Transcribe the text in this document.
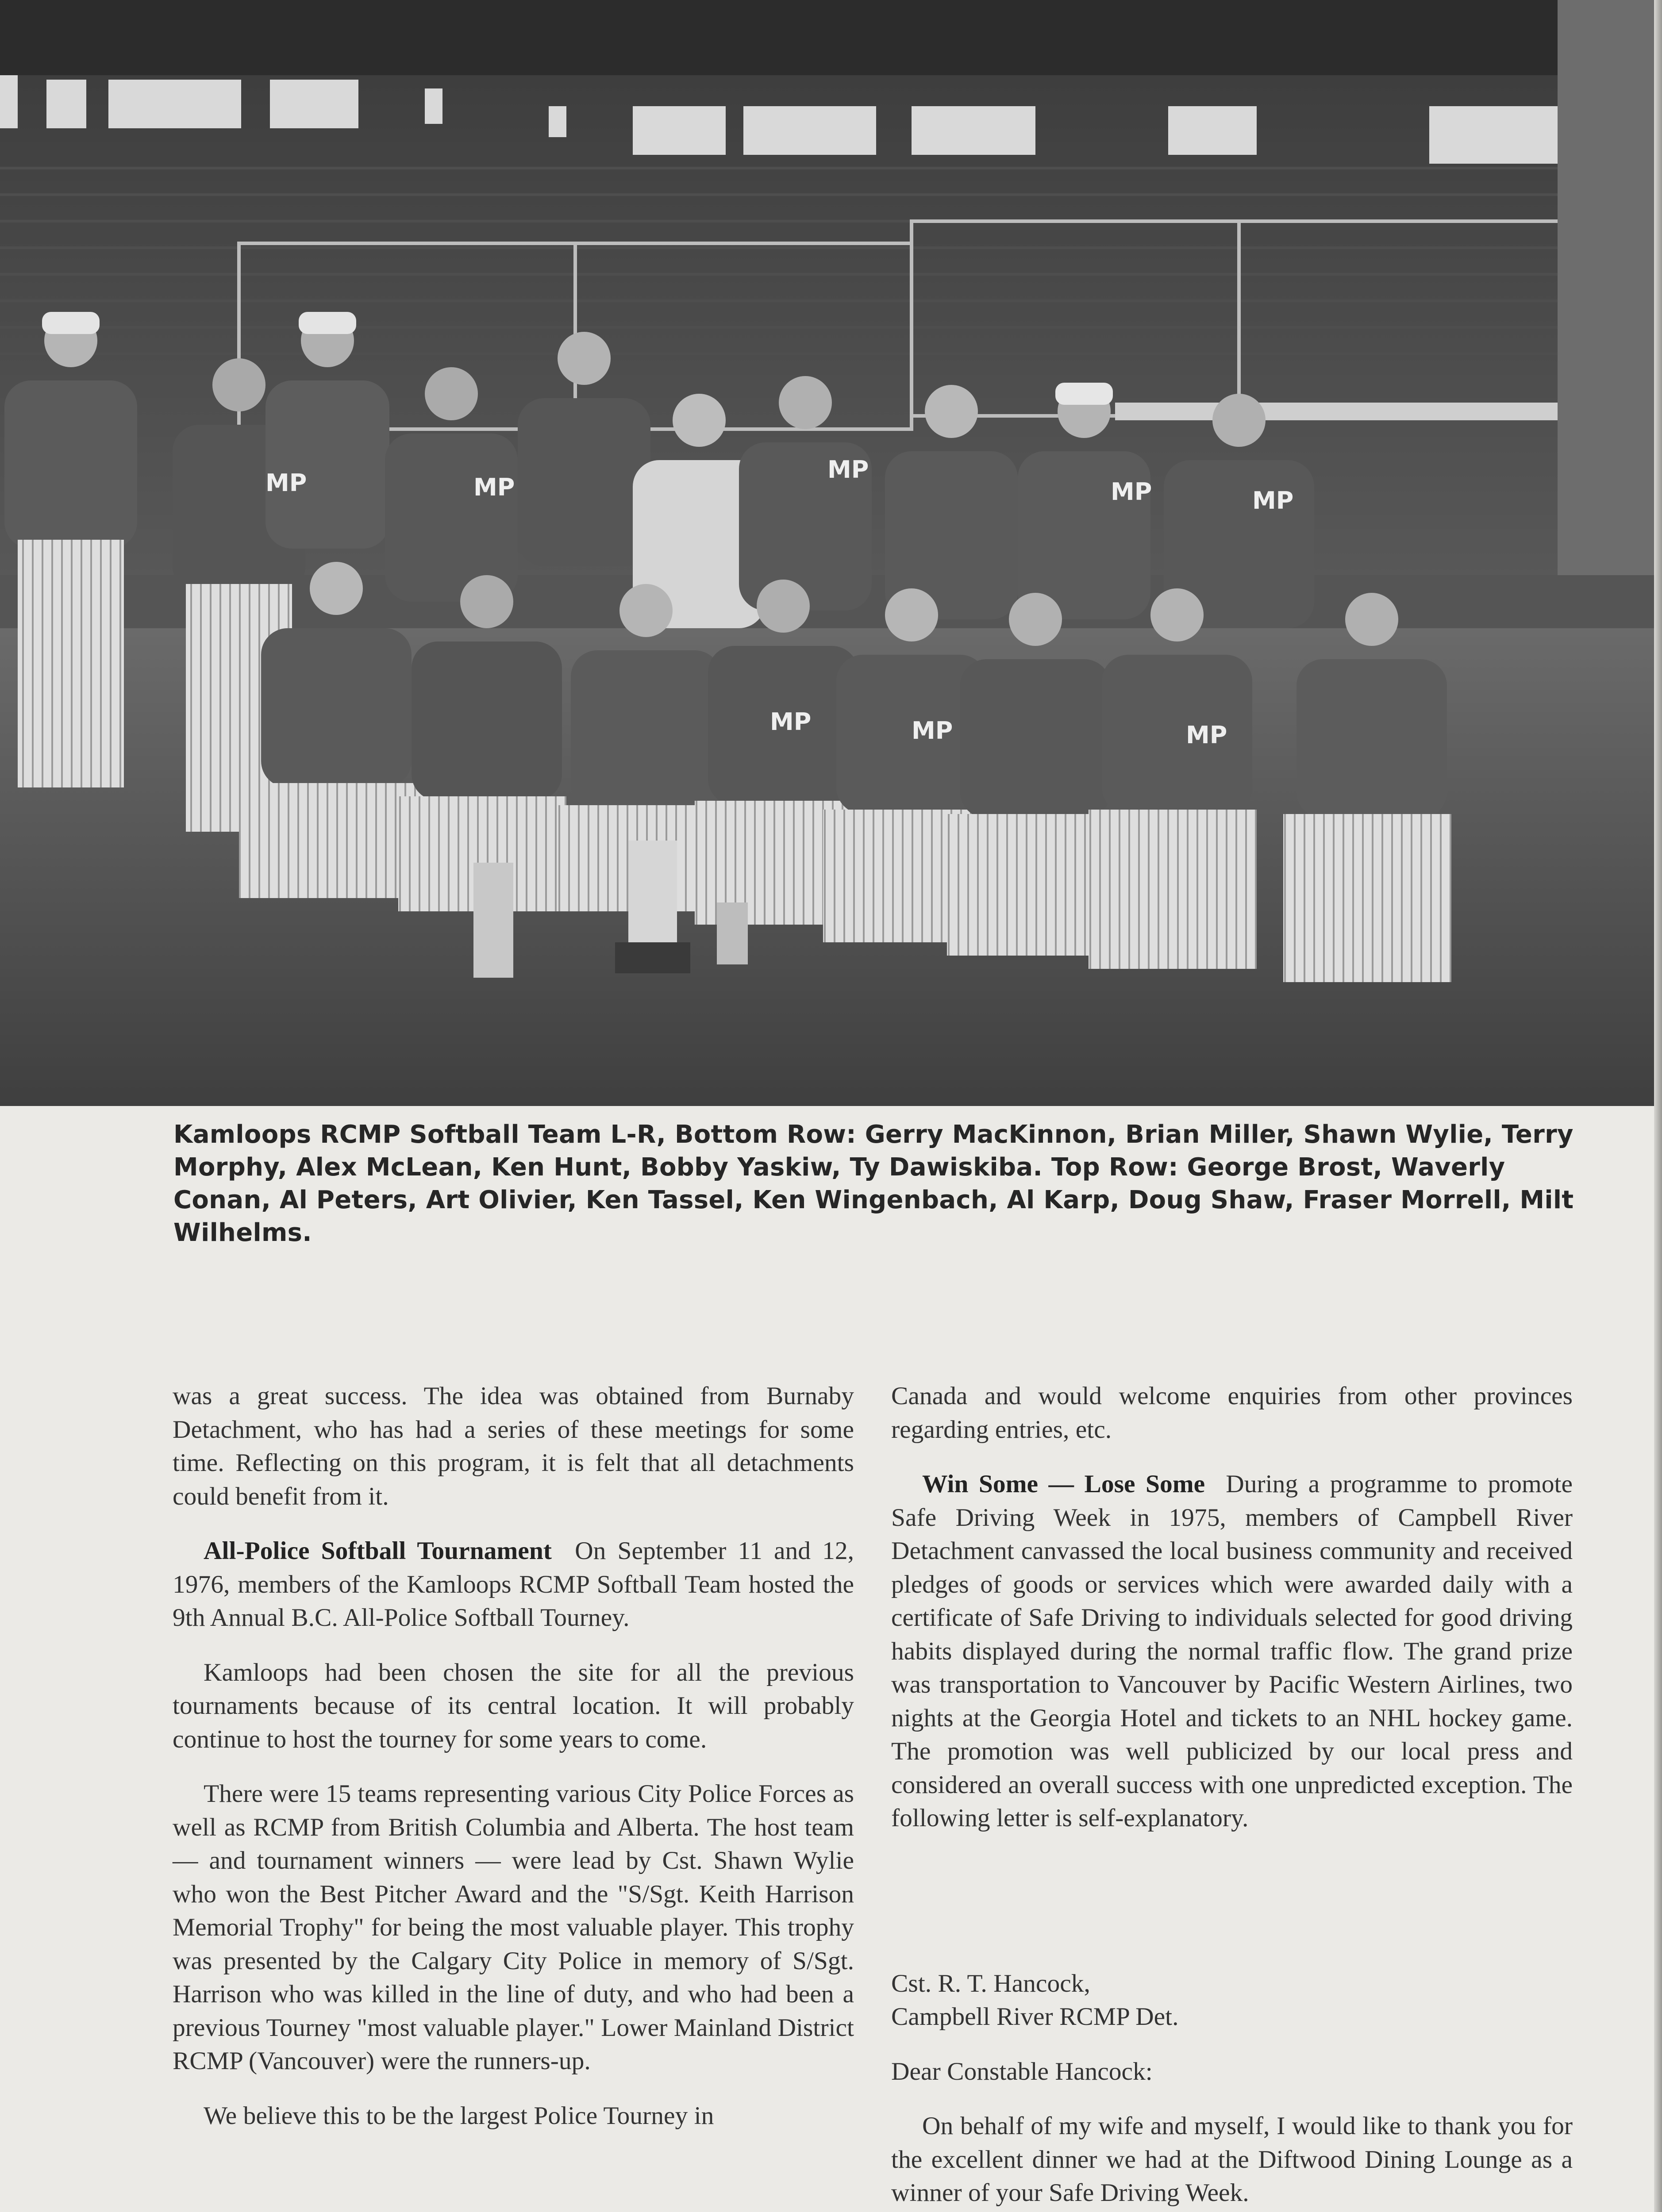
MP	MP
MP
MP	MP
MP	MP	MP
Kamloops RCMP Softball Team L-R, Bottom Row: Gerry MacKinnon, Brian Miller, Shawn Wylie, Terry Morphy, Alex McLean, Ken Hunt, Bobby Yaskiw, Ty Dawiskiba. Top Row: George Brost, Waverly Conan, Al Peters, Art Olivier, Ken Tassel, Ken Wingenbach, Al Karp, Doug Shaw, Fraser Morrell, Milt Wilhelms.

was a great success. The idea was obtained from Burnaby Detachment, who has had a series of these meetings for some time. Reflecting on this program, it is felt that all detachments could benefit from it.

All-Police Softball Tournament On September 11 and 12, 1976, members of the Kamloops RCMP Softball Team hosted the 9th Annual B.C. All-Police Softball Tourney.

Kamloops had been chosen the site for all the previous tournaments because of its central location. It will probably continue to host the tourney for some years to come.

There were 15 teams representing various City Police Forces as well as RCMP from British Columbia and Alberta. The host team — and tournament winners — were lead by Cst. Shawn Wylie who won the Best Pitcher Award and the "S/Sgt. Keith Harrison Memorial Trophy" for being the most valuable player. This trophy was presented by the Calgary City Police in memory of S/Sgt. Harrison who was killed in the line of duty, and who had been a previous Tourney "most valuable player." Lower Mainland District RCMP (Vancouver) were the runners-up.

We believe this to be the largest Police Tourney in

Canada and would welcome enquiries from other provinces regarding entries, etc.

Win Some — Lose Some During a programme to promote Safe Driving Week in 1975, members of Campbell River Detachment canvassed the local business community and received pledges of goods or services which were awarded daily with a certificate of Safe Driving to individuals selected for good driving habits displayed during the normal traffic flow. The grand prize was transportation to Vancouver by Pacific Western Airlines, two nights at the Georgia Hotel and tickets to an NHL hockey game. The promotion was well publicized by our local press and considered an overall success with one unpredicted exception. The following letter is self-explanatory.

Cst. R. T. Hancock,
Campbell River RCMP Det.

Dear Constable Hancock:

On behalf of my wife and myself, I would like to thank you for the excellent dinner we had at the Diftwood Dining Lounge as a winner of your Safe Driving Week.
